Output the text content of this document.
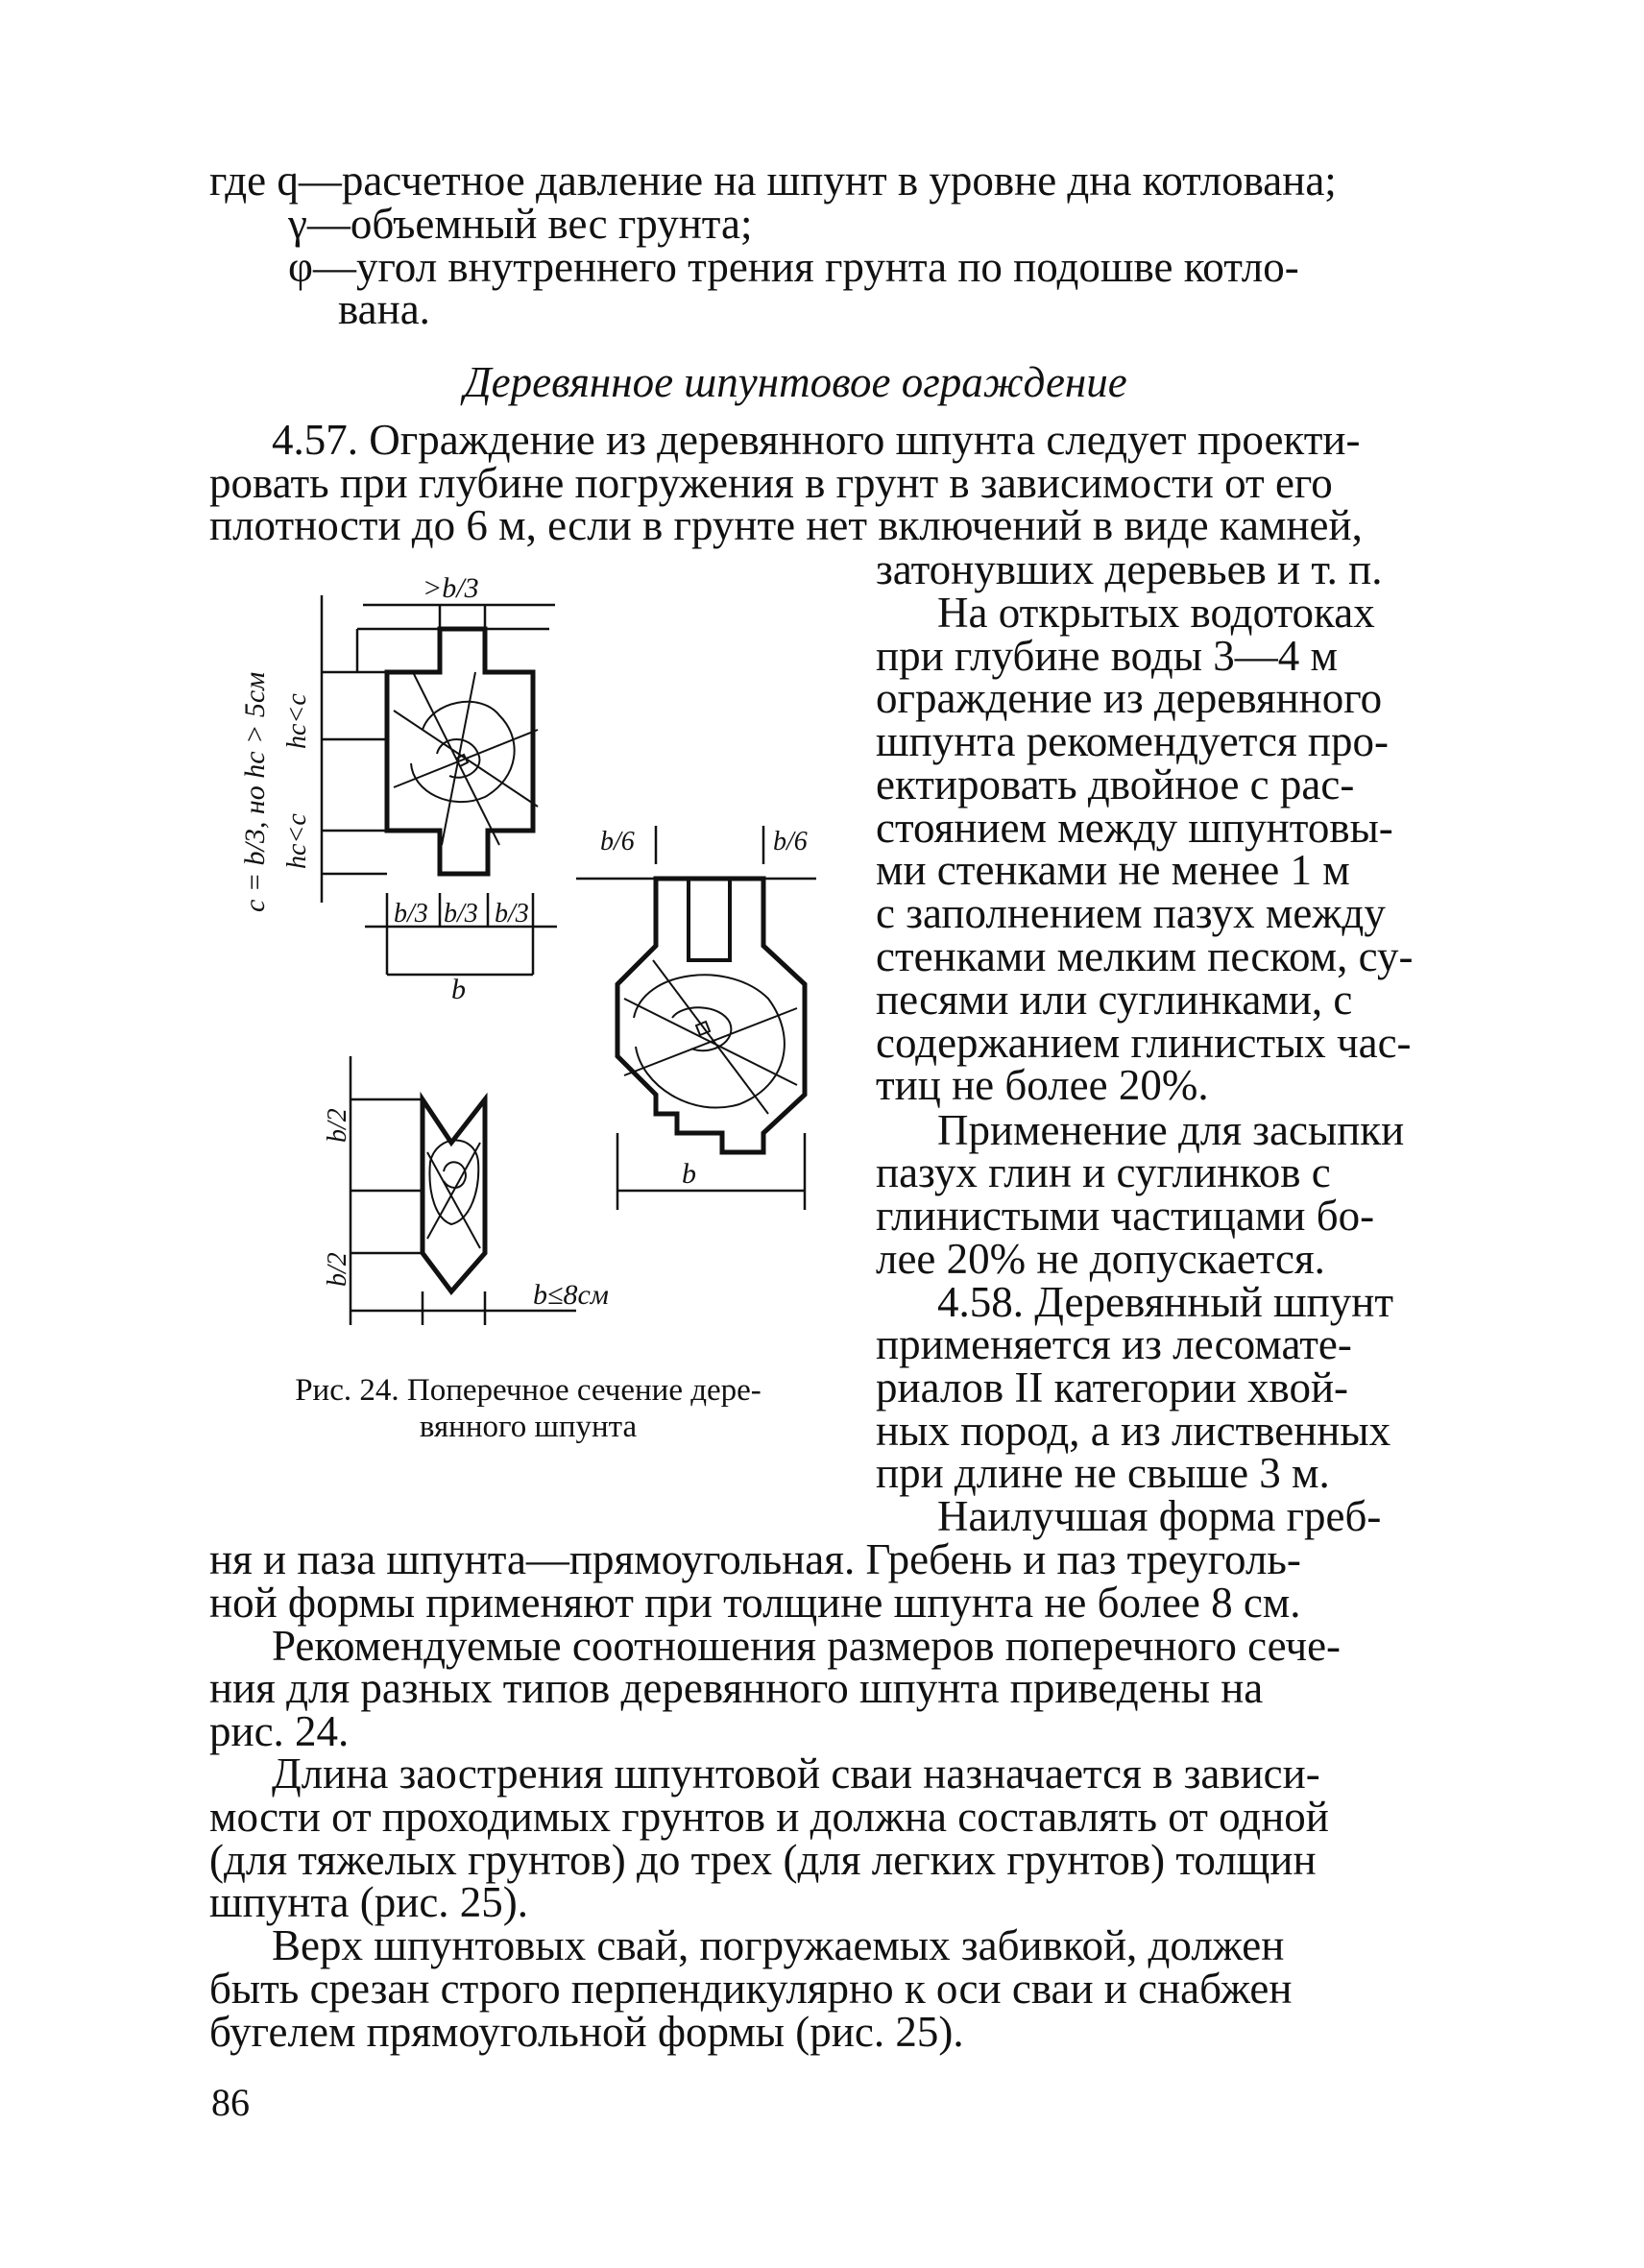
где q—расчетное давление на шпунт в уровне дна котлована;
γ—объемный вес грунта;
φ—угол внутреннего трения грунта по подошве котло-
вана.
Деревянное шпунтовое ограждение
4.57. Ограждение из деревянного шпунта следует проекти-
ровать при глубине погружения в грунт в зависимости от его
плотности до 6 м, если в грунте нет включений в виде камней,
затонувших деревьев и т. п.
На открытых водотоках
при глубине воды 3—4 м
ограждение из деревянного
шпунта рекомендуется про-
ектировать двойное с рас-
стоянием между шпунтовы-
ми стенками не менее 1 м
с заполнением пазух между
стенками мелким песком, су-
песями или суглинками, с
содержанием глинистых час-
тиц не более 20%.
Применение для засыпки
пазух глин и суглинков с
глинистыми частицами бо-
лее 20% не допускается.
4.58. Деревянный шпунт
применяется из лесомате-
риалов II категории хвой-
ных пород, а из лиственных
при длине не свыше 3 м.
Наилучшая форма греб-
ня и паза шпунта—прямоугольная. Гребень и паз треуголь-
ной формы применяют при толщине шпунта не более 8 см.
Рекомендуемые соотношения размеров поперечного сече-
ния для разных типов деревянного шпунта приведены на
рис. 24.
Длина заострения шпунтовой сваи назначается в зависи-
мости от проходимых грунтов и должна составлять от одной
(для тяжелых грунтов) до трех (для легких грунтов) толщин
шпунта (рис. 25).
Верх шпунтовых свай, погружаемых забивкой, должен
быть срезан строго перпендикулярно к оси сваи и снабжен
бугелем прямоугольной формы (рис. 25).
Рис. 24. Поперечное сечение дере-
вянного шпунта
86
>b/3
c = b/3, но hc > 5см hc<c
hc<c
b/3 b/3 b/3
b
b/6	b/6
b
b/2
b/2
b≤8см
